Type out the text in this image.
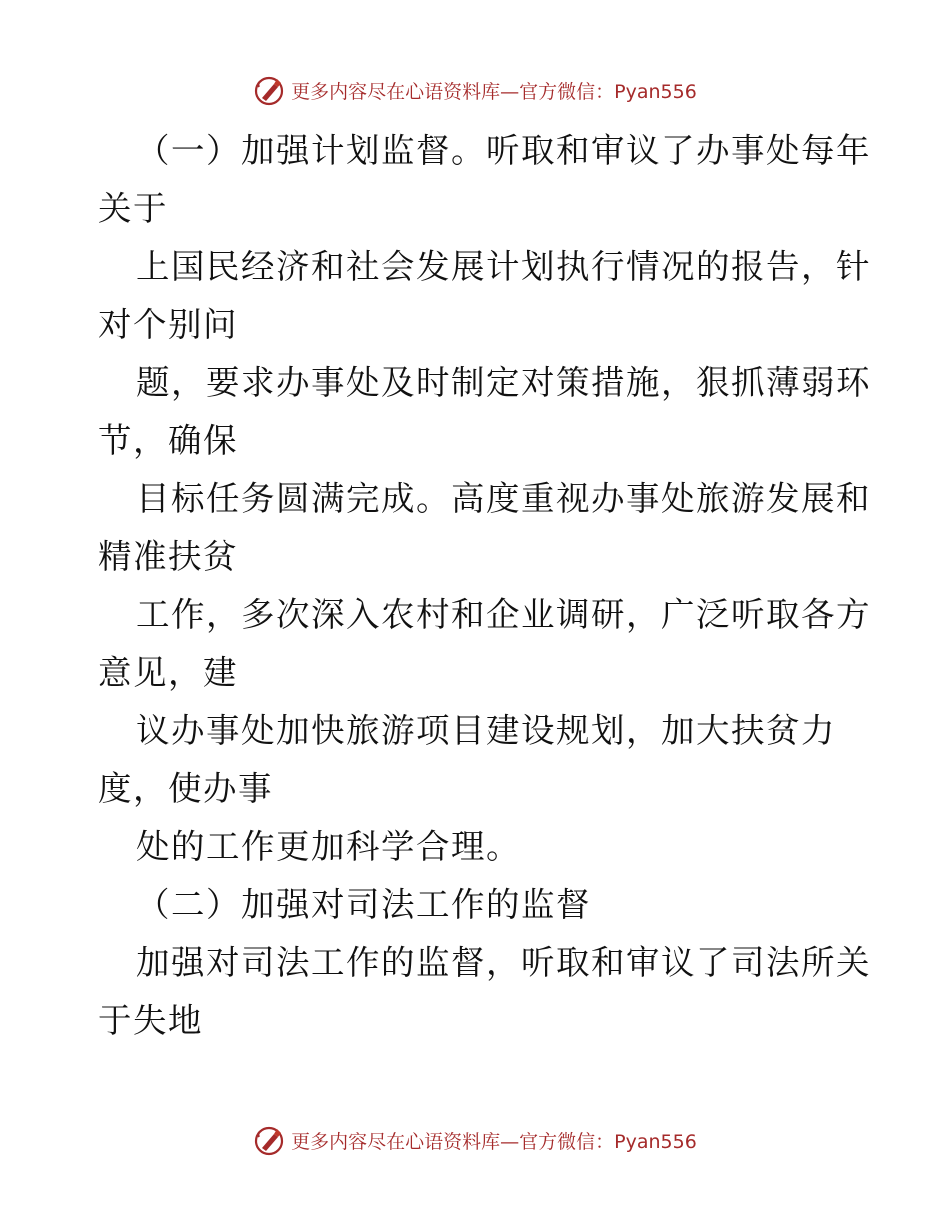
更多内容尽在心语资料库—官方微信：Pyan556
（一）加强计划监督。听取和审议了办事处每年
关于
上国民经济和社会发展计划执行情况的报告，针
对个别问
题，要求办事处及时制定对策措施，狠抓薄弱环
节，确保
目标任务圆满完成。高度重视办事处旅游发展和
精准扶贫
工作，多次深入农村和企业调研，广泛听取各方
意见，建
议办事处加快旅游项目建设规划，加大扶贫力
度，使办事
处的工作更加科学合理。
（二）加强对司法工作的监督
加强对司法工作的监督，听取和审议了司法所关
于失地
更多内容尽在心语资料库—官方微信：Pyan556
